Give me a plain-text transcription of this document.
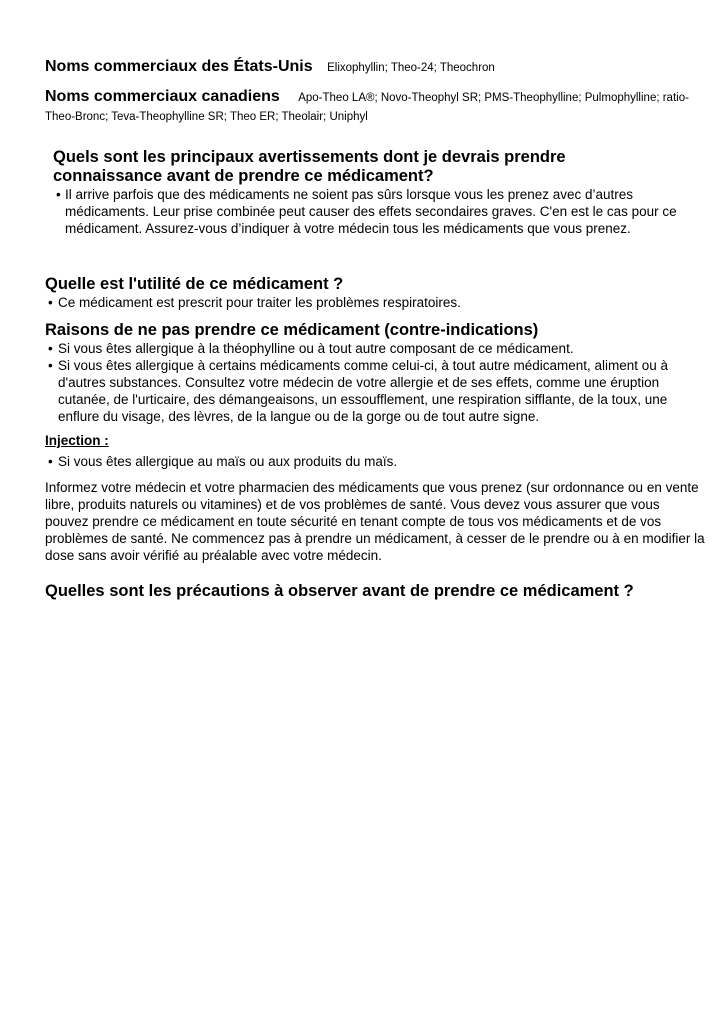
Noms commerciaux des États-Unis Elixophyllin; Theo-24; Theochron
Noms commerciaux canadiens Apo-Theo LA®; Novo-Theophyl SR; PMS-Theophylline; Pulmophylline; ratio-Theo-Bronc; Teva-Theophylline SR; Theo ER; Theolair; Uniphyl
Quels sont les principaux avertissements dont je devrais prendre
connaissance avant de prendre ce médicament?
• Il arrive parfois que des médicaments ne soient pas sûrs lorsque vous les prenez avec d’autres médicaments. Leur prise combinée peut causer des effets secondaires graves. C'en est le cas pour ce médicament. Assurez-vous d’indiquer à votre médecin tous les médicaments que vous prenez.
Quelle est l'utilité de ce médicament ?
• Ce médicament est prescrit pour traiter les problèmes respiratoires.
Raisons de ne pas prendre ce médicament (contre-indications)
• Si vous êtes allergique à la théophylline ou à tout autre composant de ce médicament.
• Si vous êtes allergique à certains médicaments comme celui-ci, à tout autre médicament, aliment ou à d'autres substances. Consultez votre médecin de votre allergie et de ses effets, comme une éruption cutanée, de l'urticaire, des démangeaisons, un essoufflement, une respiration sifflante, de la toux, une enflure du visage, des lèvres, de la langue ou de la gorge ou de tout autre signe.
Injection :
• Si vous êtes allergique au maïs ou aux produits du maïs.
Informez votre médecin et votre pharmacien des médicaments que vous prenez (sur ordonnance ou en vente libre, produits naturels ou vitamines) et de vos problèmes de santé. Vous devez vous assurer que vous pouvez prendre ce médicament en toute sécurité en tenant compte de tous vos médicaments et de vos problèmes de santé. Ne commencez pas à prendre un médicament, à cesser de le prendre ou à en modifier la dose sans avoir vérifié au préalable avec votre médecin.
Quelles sont les précautions à observer avant de prendre ce médicament ?
